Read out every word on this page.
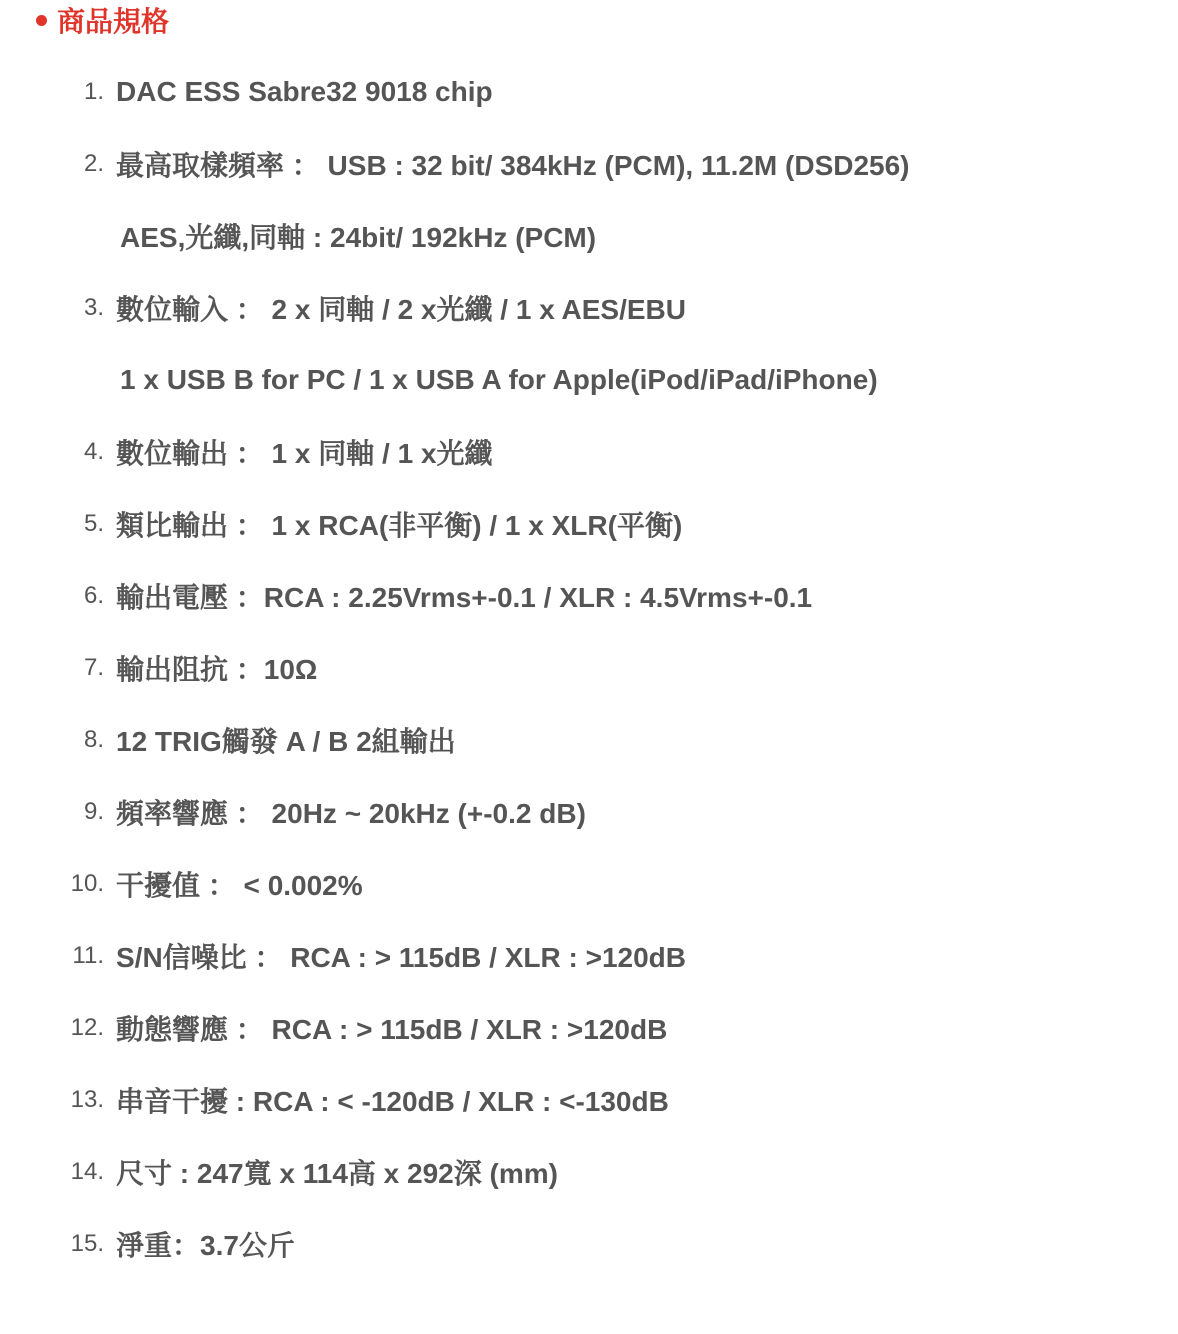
商品規格
1. DAC ESS Sabre32 9018 chip
2. 最高取樣頻率 ： USB : 32 bit/ 384kHz (PCM), 11.2M (DSD256)
AES,光纖,同軸 : 24bit/ 192kHz (PCM)
3. 數位輸入 ： 2 x 同軸 / 2 x光纖 / 1 x AES/EBU
1 x USB B for PC / 1 x USB A for Apple(iPod/iPad/iPhone)
4. 數位輸出 ： 1 x 同軸 / 1 x光纖
5. 類比輸出 ： 1 x RCA(非平衡) / 1 x XLR(平衡)
6. 輸出電壓 ：RCA : 2.25Vrms+-0.1 / XLR : 4.5Vrms+-0.1
7. 輸出阻抗 ：10Ω
8. 12 TRIG觸發 A / B 2組輸出
9. 頻率響應 ： 20Hz ~ 20kHz (+-0.2 dB)
10. 干擾值 ： < 0.002%
11. S/N信噪比 ： RCA : > 115dB / XLR : >120dB
12. 動態響應 ： RCA : > 115dB / XLR : >120dB
13. 串音干擾 : RCA : < -120dB / XLR : <-130dB
14. 尺寸 : 247寬 x 114高 x 292深 (mm)
15. 淨重：3.7公斤
